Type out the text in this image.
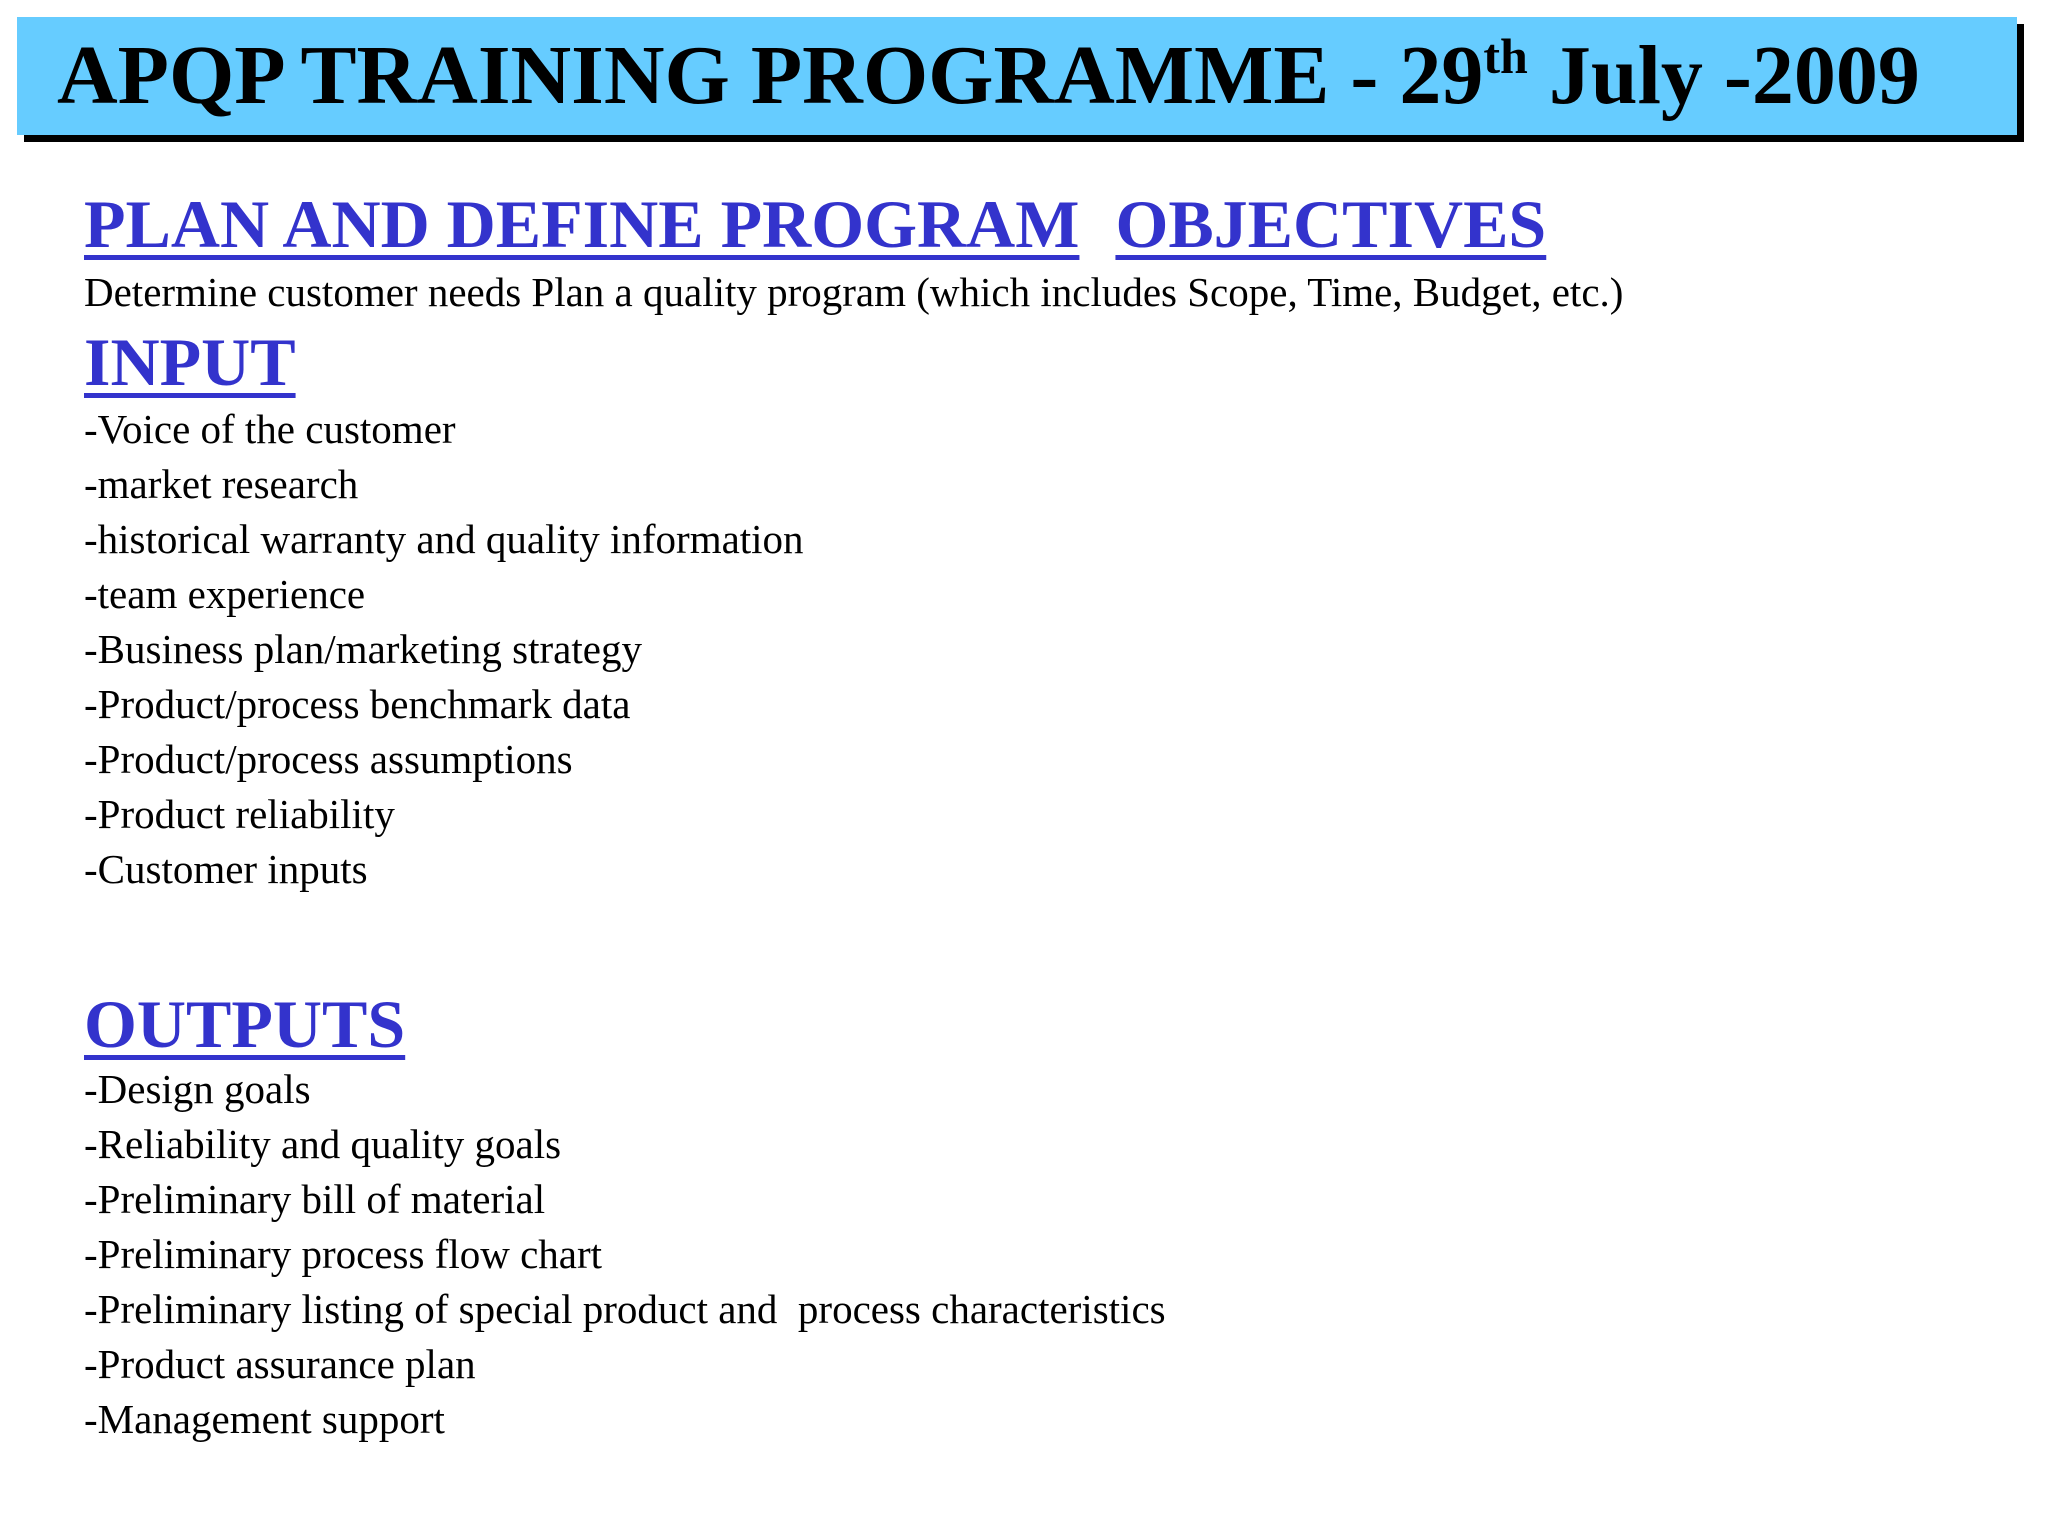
APQP TRAINING PROGRAMME - 29th July -2009
PLAN AND DEFINE PROGRAM OBJECTIVES
Determine customer needs Plan a quality program (which includes Scope, Time, Budget, etc.)
INPUT
-Voice of the customer
-market research
-historical warranty and quality information
-team experience
-Business plan/marketing strategy
-Product/process benchmark data
-Product/process assumptions
-Product reliability
-Customer inputs
OUTPUTS
-Design goals
-Reliability and quality goals
-Preliminary bill of material
-Preliminary process flow chart
-Preliminary listing of special product and  process characteristics
-Product assurance plan
-Management support
